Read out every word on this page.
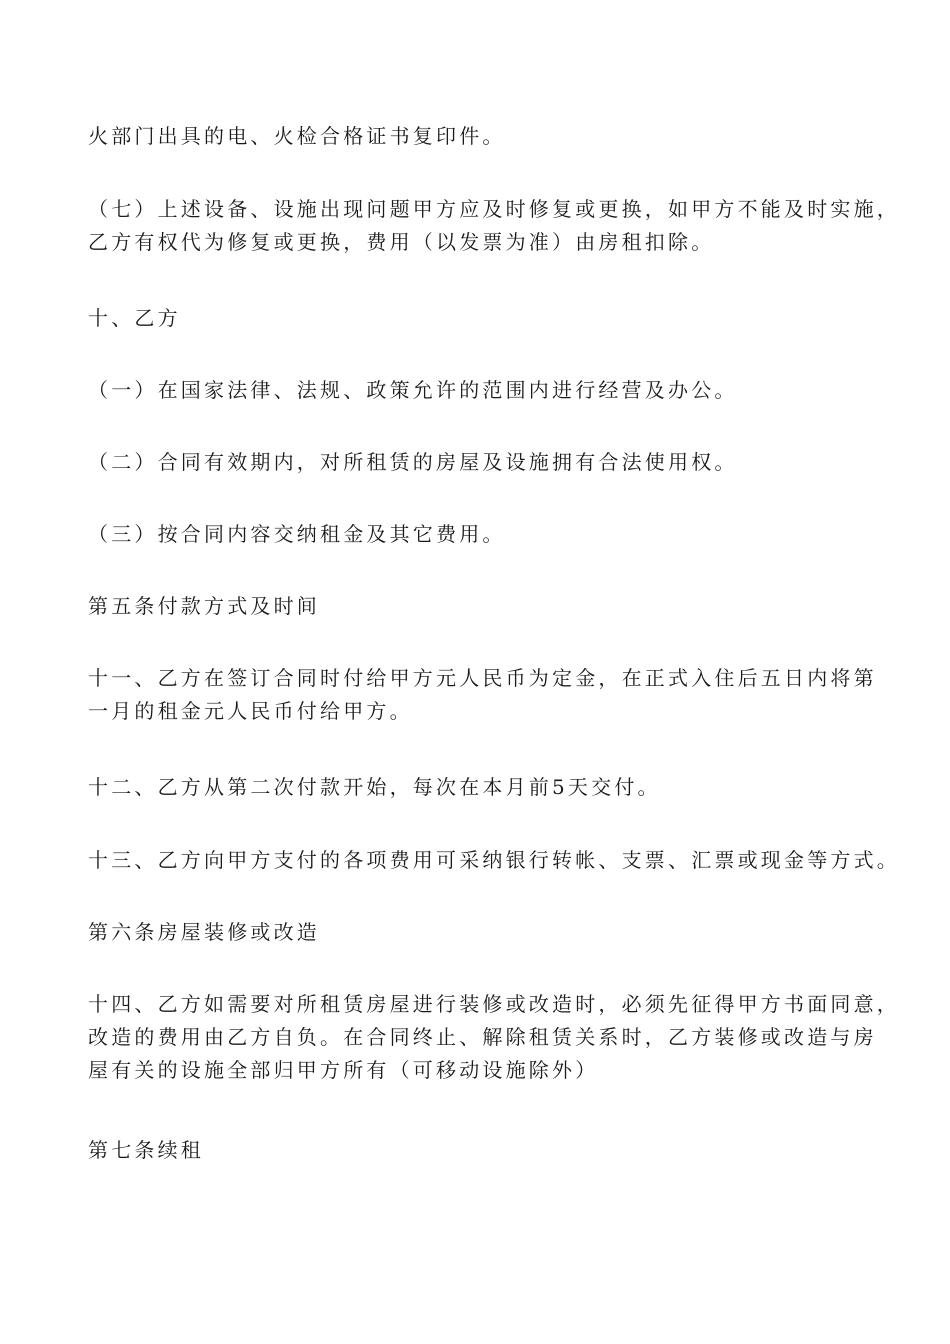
火部门出具的电、火检合格证书复印件。

（七）上述设备、设施出现问题甲方应及时修复或更换，如甲方不能及时实施，
乙方有权代为修复或更换，费用（以发票为准）由房租扣除。

十、乙方

（一）在国家法律、法规、政策允许的范围内进行经营及办公。

（二）合同有效期内，对所租赁的房屋及设施拥有合法使用权。

（三）按合同内容交纳租金及其它费用。

第五条付款方式及时间

十一、乙方在签订合同时付给甲方元人民币为定金，在正式入住后五日内将第
一月的租金元人民币付给甲方。

十二、乙方从第二次付款开始，每次在本月前5天交付。

十三、乙方向甲方支付的各项费用可采纳银行转帐、支票、汇票或现金等方式。

第六条房屋装修或改造

十四、乙方如需要对所租赁房屋进行装修或改造时，必须先征得甲方书面同意，
改造的费用由乙方自负。在合同终止、解除租赁关系时，乙方装修或改造与房
屋有关的设施全部归甲方所有（可移动设施除外）

第七条续租
